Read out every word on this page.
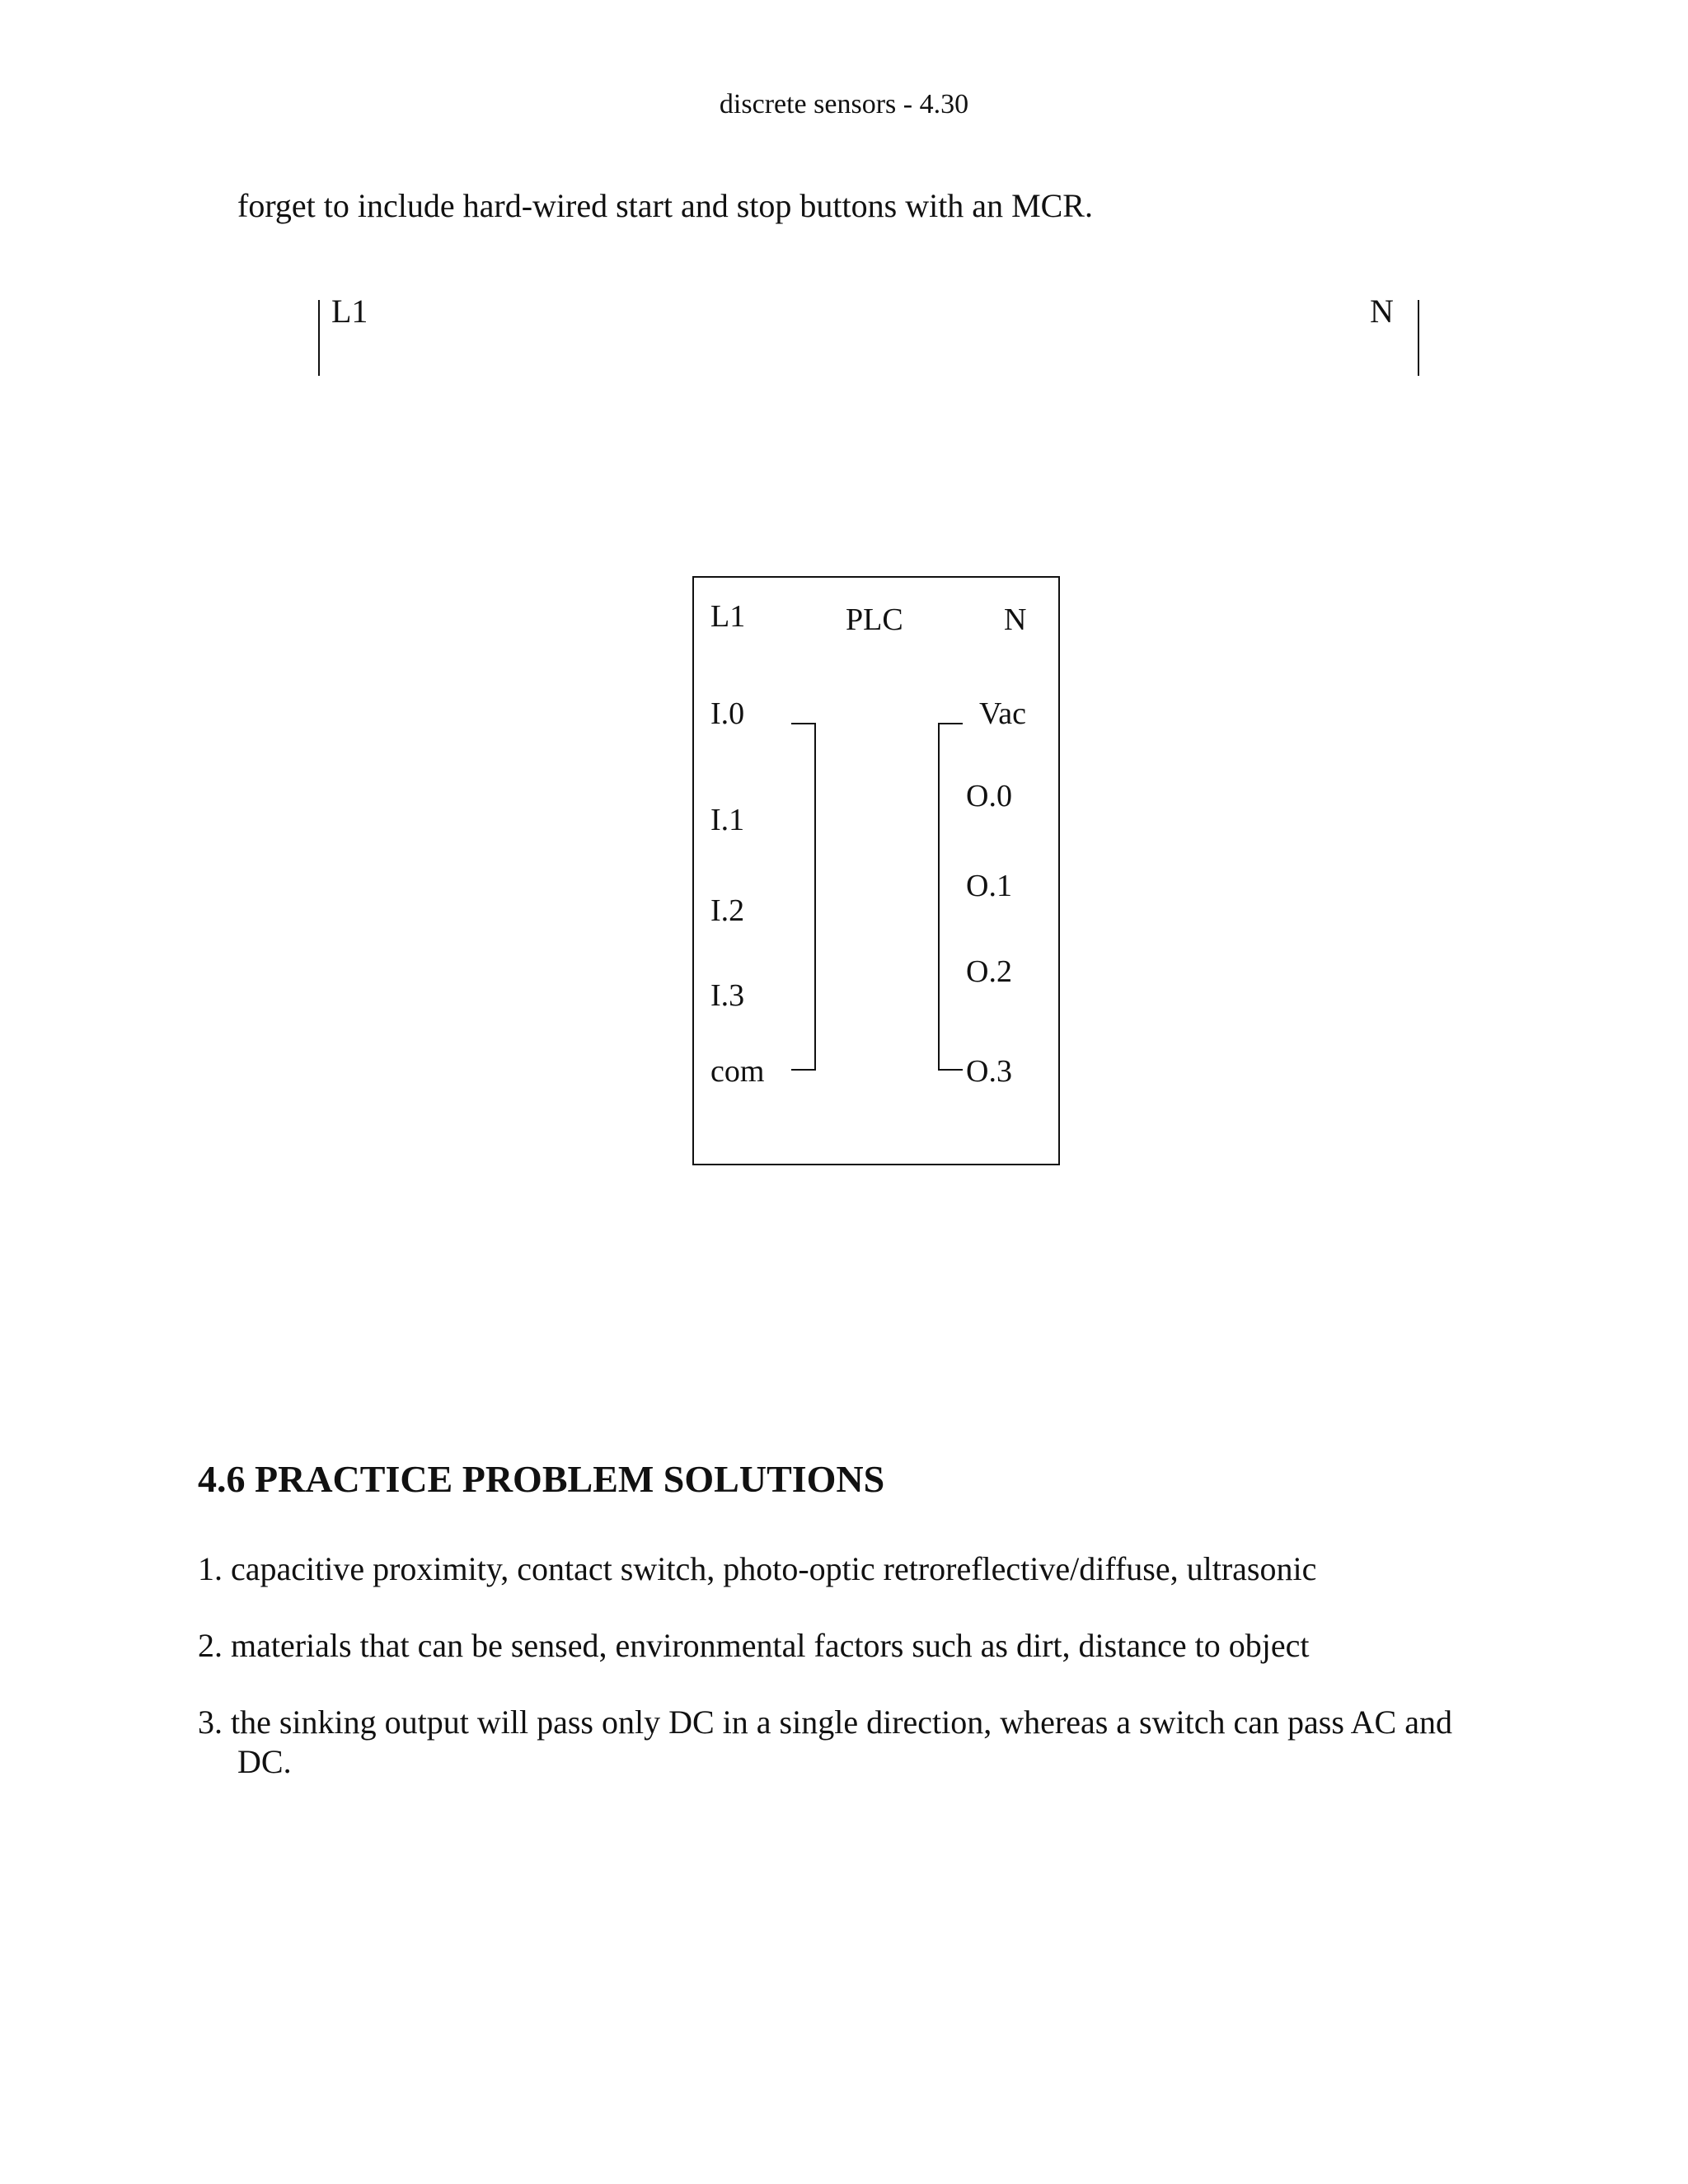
discrete sensors - 4.30
forget to include hard-wired start and stop buttons with an MCR.
L1	N
L1	PLC	N
I.0
I.1
I.2
I.3
com
Vac
O.0
O.1
O.2
O.3
4.6 PRACTICE PROBLEM SOLUTIONS
1. capacitive proximity, contact switch, photo-optic retroreflective/diffuse, ultrasonic
2. materials that can be sensed, environmental factors such as dirt, distance to object
3. the sinking output will pass only DC in a single direction, whereas a switch can pass AC and
DC.
